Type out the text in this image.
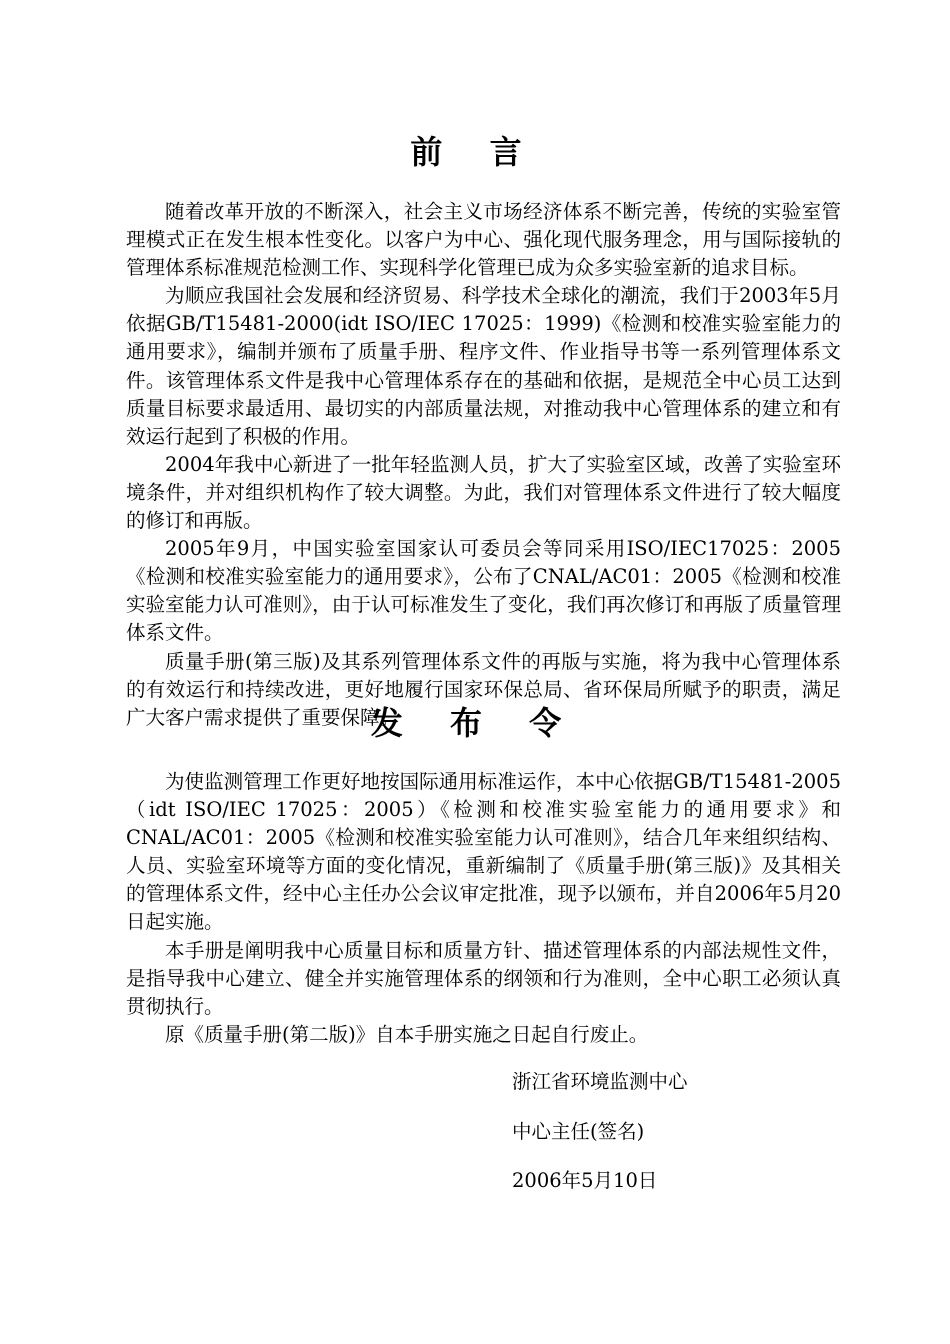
前 言

随着改革开放的不断深入，社会主义市场经济体系不断完善，传统的实验室管理模式正在发生根本性变化。以客户为中心、强化现代服务理念，用与国际接轨的管理体系标准规范检测工作、实现科学化管理已成为众多实验室新的追求目标。

为顺应我国社会发展和经济贸易、科学技术全球化的潮流，我们于2003年5月依据GB/T15481-2000(idt ISO/IEC 17025：1999)《检测和校准实验室能力的通用要求》，编制并颁布了质量手册、程序文件、作业指导书等一系列管理体系文件。该管理体系文件是我中心管理体系存在的基础和依据，是规范全中心员工达到质量目标要求最适用、最切实的内部质量法规，对推动我中心管理体系的建立和有效运行起到了积极的作用。

2004年我中心新进了一批年轻监测人员，扩大了实验室区域，改善了实验室环境条件，并对组织机构作了较大调整。为此，我们对管理体系文件进行了较大幅度的修订和再版。

2005年9月，中国实验室国家认可委员会等同采用ISO/IEC17025：2005《检测和校准实验室能力的通用要求》，公布了CNAL/AC01：2005《检测和校准实验室能力认可准则》，由于认可标准发生了变化，我们再次修订和再版了质量管理体系文件。

质量手册(第三版)及其系列管理体系文件的再版与实施，将为我中心管理体系的有效运行和持续改进，更好地履行国家环保总局、省环保局所赋予的职责，满足广大客户需求提供了重要保障。

发 布 令

为使监测管理工作更好地按国际通用标准运作，本中心依据GB/T15481-2005（idt ISO/IEC 17025：2005）《检测和校准实验室能力的通用要求》和CNAL/AC01：2005《检测和校准实验室能力认可准则》，结合几年来组织结构、人员、实验室环境等方面的变化情况，重新编制了《质量手册(第三版)》及其相关的管理体系文件，经中心主任办公会议审定批准，现予以颁布，并自2006年5月20日起实施。

本手册是阐明我中心质量目标和质量方针、描述管理体系的内部法规性文件，是指导我中心建立、健全并实施管理体系的纲领和行为准则，全中心职工必须认真贯彻执行。

原《质量手册(第二版)》自本手册实施之日起自行废止。

浙江省环境监测中心
中心主任(签名)
2006年5月10日
